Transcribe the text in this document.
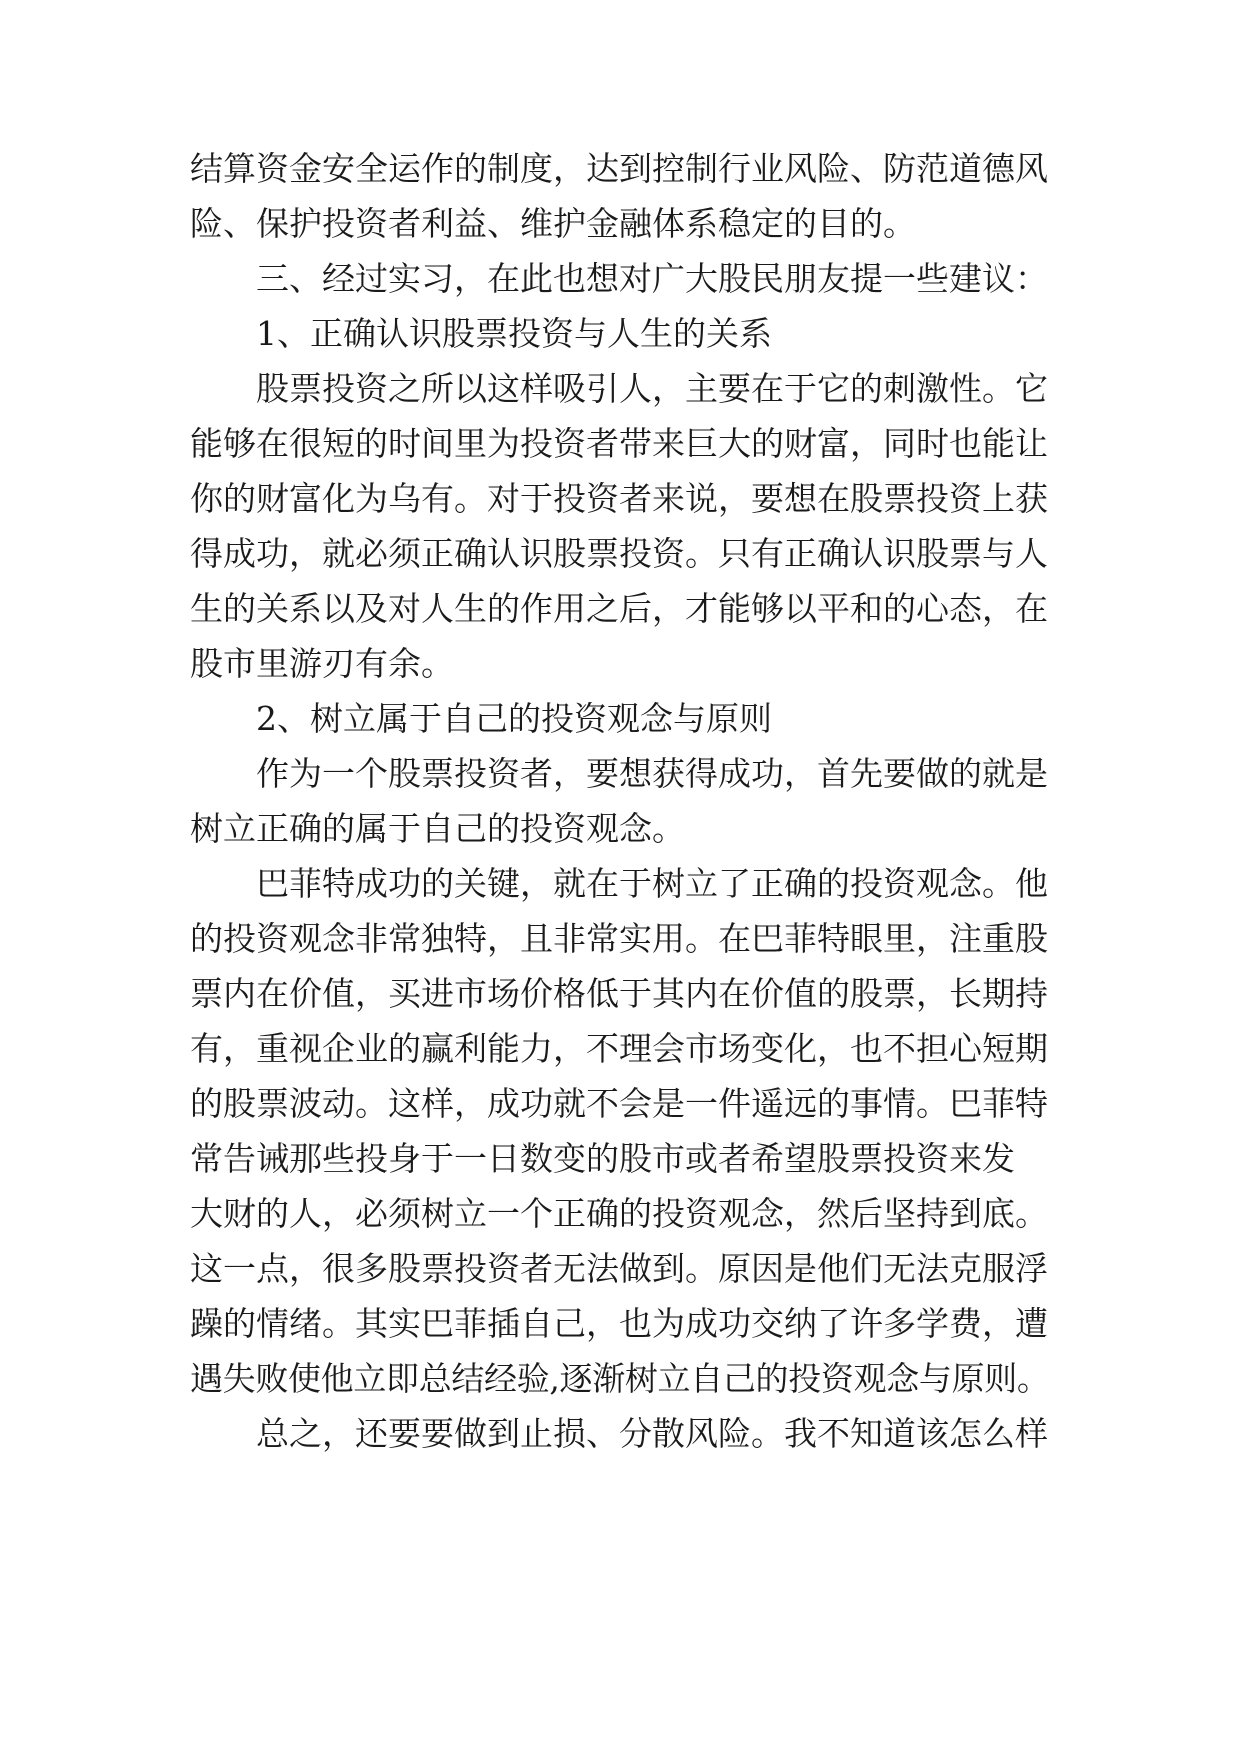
结算资金安全运作的制度，达到控制行业风险、防范道德风
险、保护投资者利益、维护金融体系稳定的目的。
三、经过实习，在此也想对广大股民朋友提一些建议：
1、正确认识股票投资与人生的关系
股票投资之所以这样吸引人，主要在于它的刺激性。它
能够在很短的时间里为投资者带来巨大的财富，同时也能让
你的财富化为乌有。对于投资者来说，要想在股票投资上获
得成功，就必须正确认识股票投资。只有正确认识股票与人
生的关系以及对人生的作用之后，才能够以平和的心态，在
股市里游刃有余。
2、树立属于自己的投资观念与原则
作为一个股票投资者，要想获得成功，首先要做的就是
树立正确的属于自己的投资观念。
巴菲特成功的关键，就在于树立了正确的投资观念。他
的投资观念非常独特，且非常实用。在巴菲特眼里，注重股
票内在价值，买进市场价格低于其内在价值的股票，长期持
有，重视企业的赢利能力，不理会市场变化，也不担心短期
的股票波动。这样，成功就不会是一件遥远的事情。巴菲特
常告诫那些投身于一日数变的股市或者希望股票投资来发
大财的人，必须树立一个正确的投资观念，然后坚持到底。
这一点，很多股票投资者无法做到。原因是他们无法克服浮
躁的情绪。其实巴菲插自己，也为成功交纳了许多学费，遭
遇失败使他立即总结经验,逐渐树立自己的投资观念与原则。
总之，还要要做到止损、分散风险。我不知道该怎么样
